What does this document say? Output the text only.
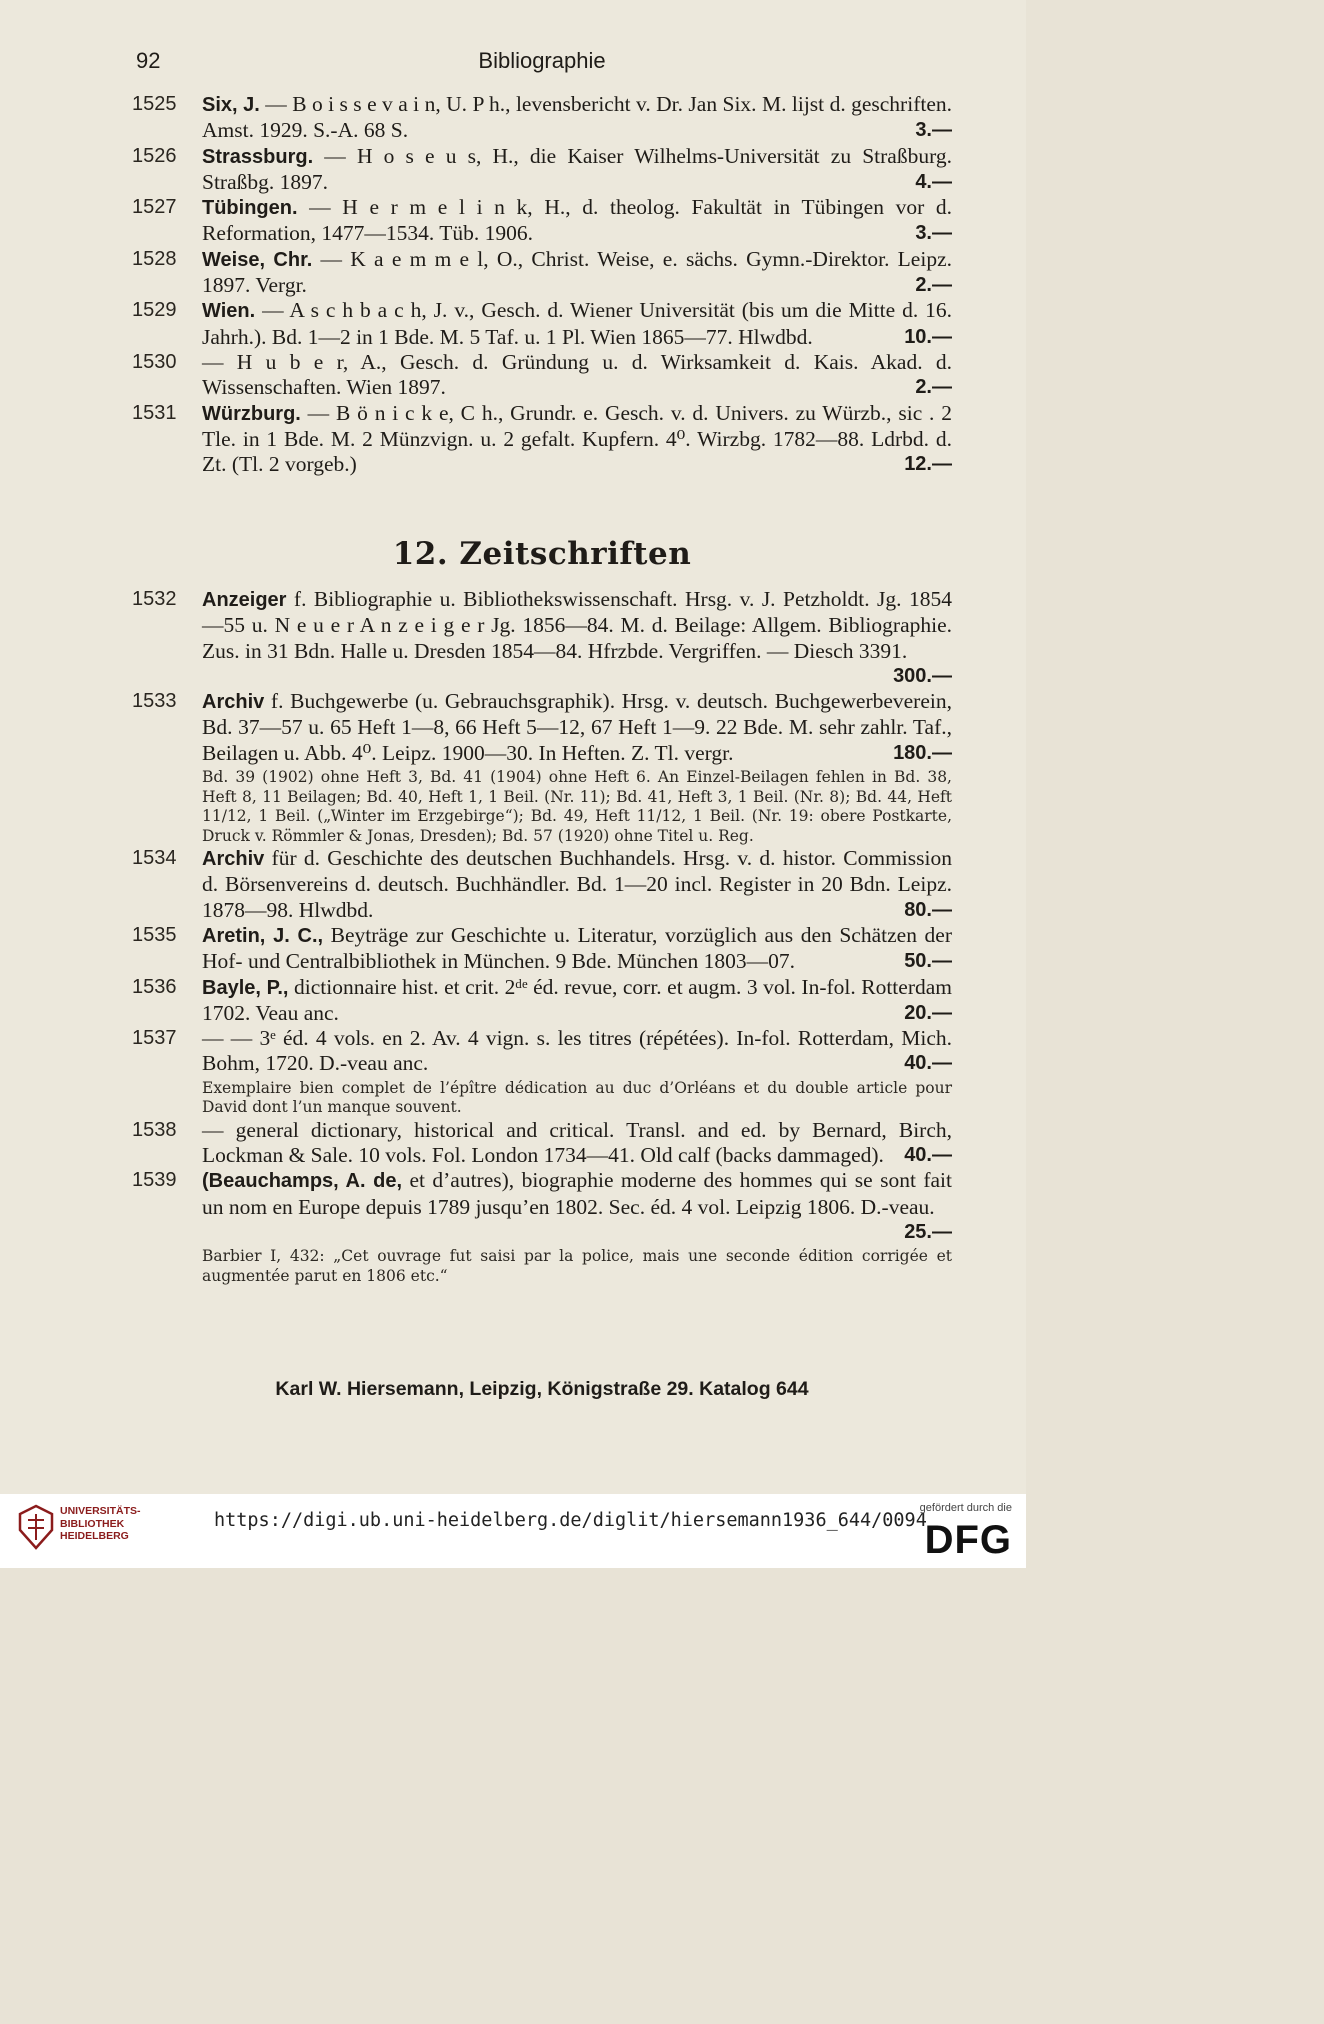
92	Bibliographie
1525 Six, J. — B o i s s e v a i n, U. P h., levensbericht v. Dr. Jan Six. M. lijst d. geschriften. Amst. 1929. S.-A. 68 S.	3.—
1526 Strassburg. — H o s e u s, H., die Kaiser Wilhelms-Universität zu Straßburg. Straßbg. 1897.	4.—
1527 Tübingen. — H e r m e l i n k, H., d. theolog. Fakultät in Tübingen vor d. Reformation, 1477—1534. Tüb. 1906.	3.—
1528 Weise, Chr. — K a e m m e l, O., Christ. Weise, e. sächs. Gymn.-Direktor. Leipz. 1897. Vergr.	2.—
1529 Wien. — A s c h b a c h, J. v., Gesch. d. Wiener Universität (bis um die Mitte d. 16. Jahrh.). Bd. 1—2 in 1 Bde. M. 5 Taf. u. 1 Pl. Wien 1865—77. Hlwdbd.	10.—
1530 — H u b e r, A., Gesch. d. Gründung u. d. Wirksamkeit d. Kais. Akad. d. Wissenschaften. Wien 1897.	2.—
1531 Würzburg. — B ö n i c k e, C h., Grundr. e. Gesch. v. d. Univers. zu Würzb., sic . 2 Tle. in 1 Bde. M. 2 Münzvign. u. 2 gefalt. Kupfern. 4⁰. Wirzbg. 1782—88. Ldrbd. d. Zt. (Tl. 2 vorgeb.)	12.—
12. Zeitschriften
1532 Anzeiger f. Bibliographie u. Bibliothekswissenschaft. Hrsg. v. J. Petzholdt. Jg. 1854—55 u. N e u e r A n z e i g e r Jg. 1856—84. M. d. Beilage: Allgem. Bibliographie. Zus. in 31 Bdn. Halle u. Dresden 1854—84. Hfrzbde. Vergriffen. — Diesch 3391.
300.—
1533 Archiv f. Buchgewerbe (u. Gebrauchsgraphik). Hrsg. v. deutsch. Buchgewerbeverein, Bd. 37—57 u. 65 Heft 1—8, 66 Heft 5—12, 67 Heft 1—9. 22 Bde. M. sehr zahlr. Taf., Beilagen u. Abb. 4⁰. Leipz. 1900—30. In Heften. Z. Tl. vergr.	180.—
Bd. 39 (1902) ohne Heft 3, Bd. 41 (1904) ohne Heft 6. An Einzel-Beilagen fehlen in Bd. 38, Heft 8, 11 Beilagen; Bd. 40, Heft 1, 1 Beil. (Nr. 11); Bd. 41, Heft 3, 1 Beil. (Nr. 8); Bd. 44, Heft 11/12, 1 Beil. („Winter im Erzgebirge“); Bd. 49, Heft 11/12, 1 Beil. (Nr. 19: obere Postkarte, Druck v. Römmler & Jonas, Dresden); Bd. 57 (1920) ohne Titel u. Reg.
1534 Archiv für d. Geschichte des deutschen Buchhandels. Hrsg. v. d. histor. Commission d. Börsenvereins d. deutsch. Buchhändler. Bd. 1—20 incl. Register in 20 Bdn. Leipz. 1878—98. Hlwdbd.	80.—
1535 Aretin, J. C., Beyträge zur Geschichte u. Literatur, vorzüglich aus den Schätzen der Hof- und Centralbibliothek in München. 9 Bde. München 1803—07.	50.—
1536 Bayle, P., dictionnaire hist. et crit. 2ᵈᵉ éd. revue, corr. et augm. 3 vol. In-fol. Rotterdam 1702. Veau anc.	20.—
1537 — — 3ᵉ éd. 4 vols. en 2. Av. 4 vign. s. les titres (répétées). In-fol. Rotterdam, Mich. Bohm, 1720. D.-veau anc.	40.—
Exemplaire bien complet de l’épître dédication au duc d’Orléans et du double article pour David dont l’un manque souvent.
1538 — general dictionary, historical and critical. Transl. and ed. by Bernard, Birch, Lockman & Sale. 10 vols. Fol. London 1734—41. Old calf (backs dammaged). 40.—
1539 (Beauchamps, A. de, et d’autres), biographie moderne des hommes qui se sont fait un nom en Europe depuis 1789 jusqu’en 1802. Sec. éd. 4 vol. Leipzig 1806. D.-veau.
25.—
Barbier I, 432: „Cet ouvrage fut saisi par la police, mais une seconde édition corrigée et augmentée parut en 1806 etc.“
Karl W. Hiersemann, Leipzig, Königstraße 29. Katalog 644
UNIVERSITÄTS-
BIBLIOTHEK
HEIDELBERG
https://digi.ub.uni-heidelberg.de/diglit/hiersemann1936_644/0094
gefördert durch die
DFG
